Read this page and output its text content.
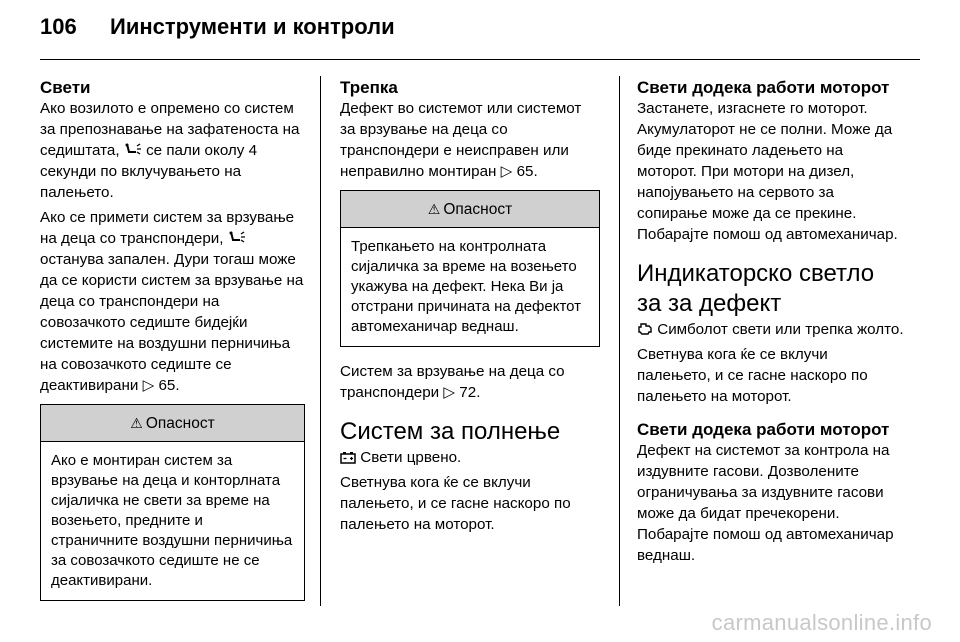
106 Иинструменти и контроли
Свети

Ако возилото е опремено со систем за препознавање на зафатеноста на седиштата, се пали околу 4 секунди по вклучувањето на палењето.

Ако се примети систем за врзување на деца со транспондери,  останува запален. Дури тогаш може да се користи систем за врзување на деца со транспондери на совозачкото седиште бидејќи системите на воздушни перничиња на совозачкото седиште се деактивирани ▷ 65.

⚠ Опасност
Ако е монтиран систем за врзување на деца и конторлната сијаличка не свети за време на возењето, предните и страничните воздушни перничиња за совозачкото седиште не се деактивирани.
Трепка

Дефект во системот или системот за врзување на деца со транспондери е неисправен или неправилно монтиран ▷ 65.

⚠ Опасност
Трепкањето на контролната сијаличка за време на возењето укажува на дефект. Нека Ви ја отстрани причината на дефектот автомеханичар веднаш.

Систем за врзување на деца со транспондери ▷ 72.

Систем за полнење

Свети црвено.

Светнува кога ќе се вклучи палењето, и се гасне наскоро по палењето на моторот.

Свети додека работи моторот

Застанете, изгаснете го моторот. Акумулаторот не се полни. Може да биде прекинато ладењето на моторот. При мотори на дизел, напојувањето на сервото за сопирање може да се прекине. Побарајте помош од автомеханичар.

Индикаторско светло за за дефект

Симболот свети или трепка жолто.

Светнува кога ќе се вклучи палењето, и се гасне наскоро по палењето на моторот.

Свети додека работи моторот

Дефект на системот за контрола на издувните гасови. Дозволените ограничувања за издувните гасови може да бидат пречекорени. Побарајте помош од автомеханичар веднаш.

carmanualsonline.info
